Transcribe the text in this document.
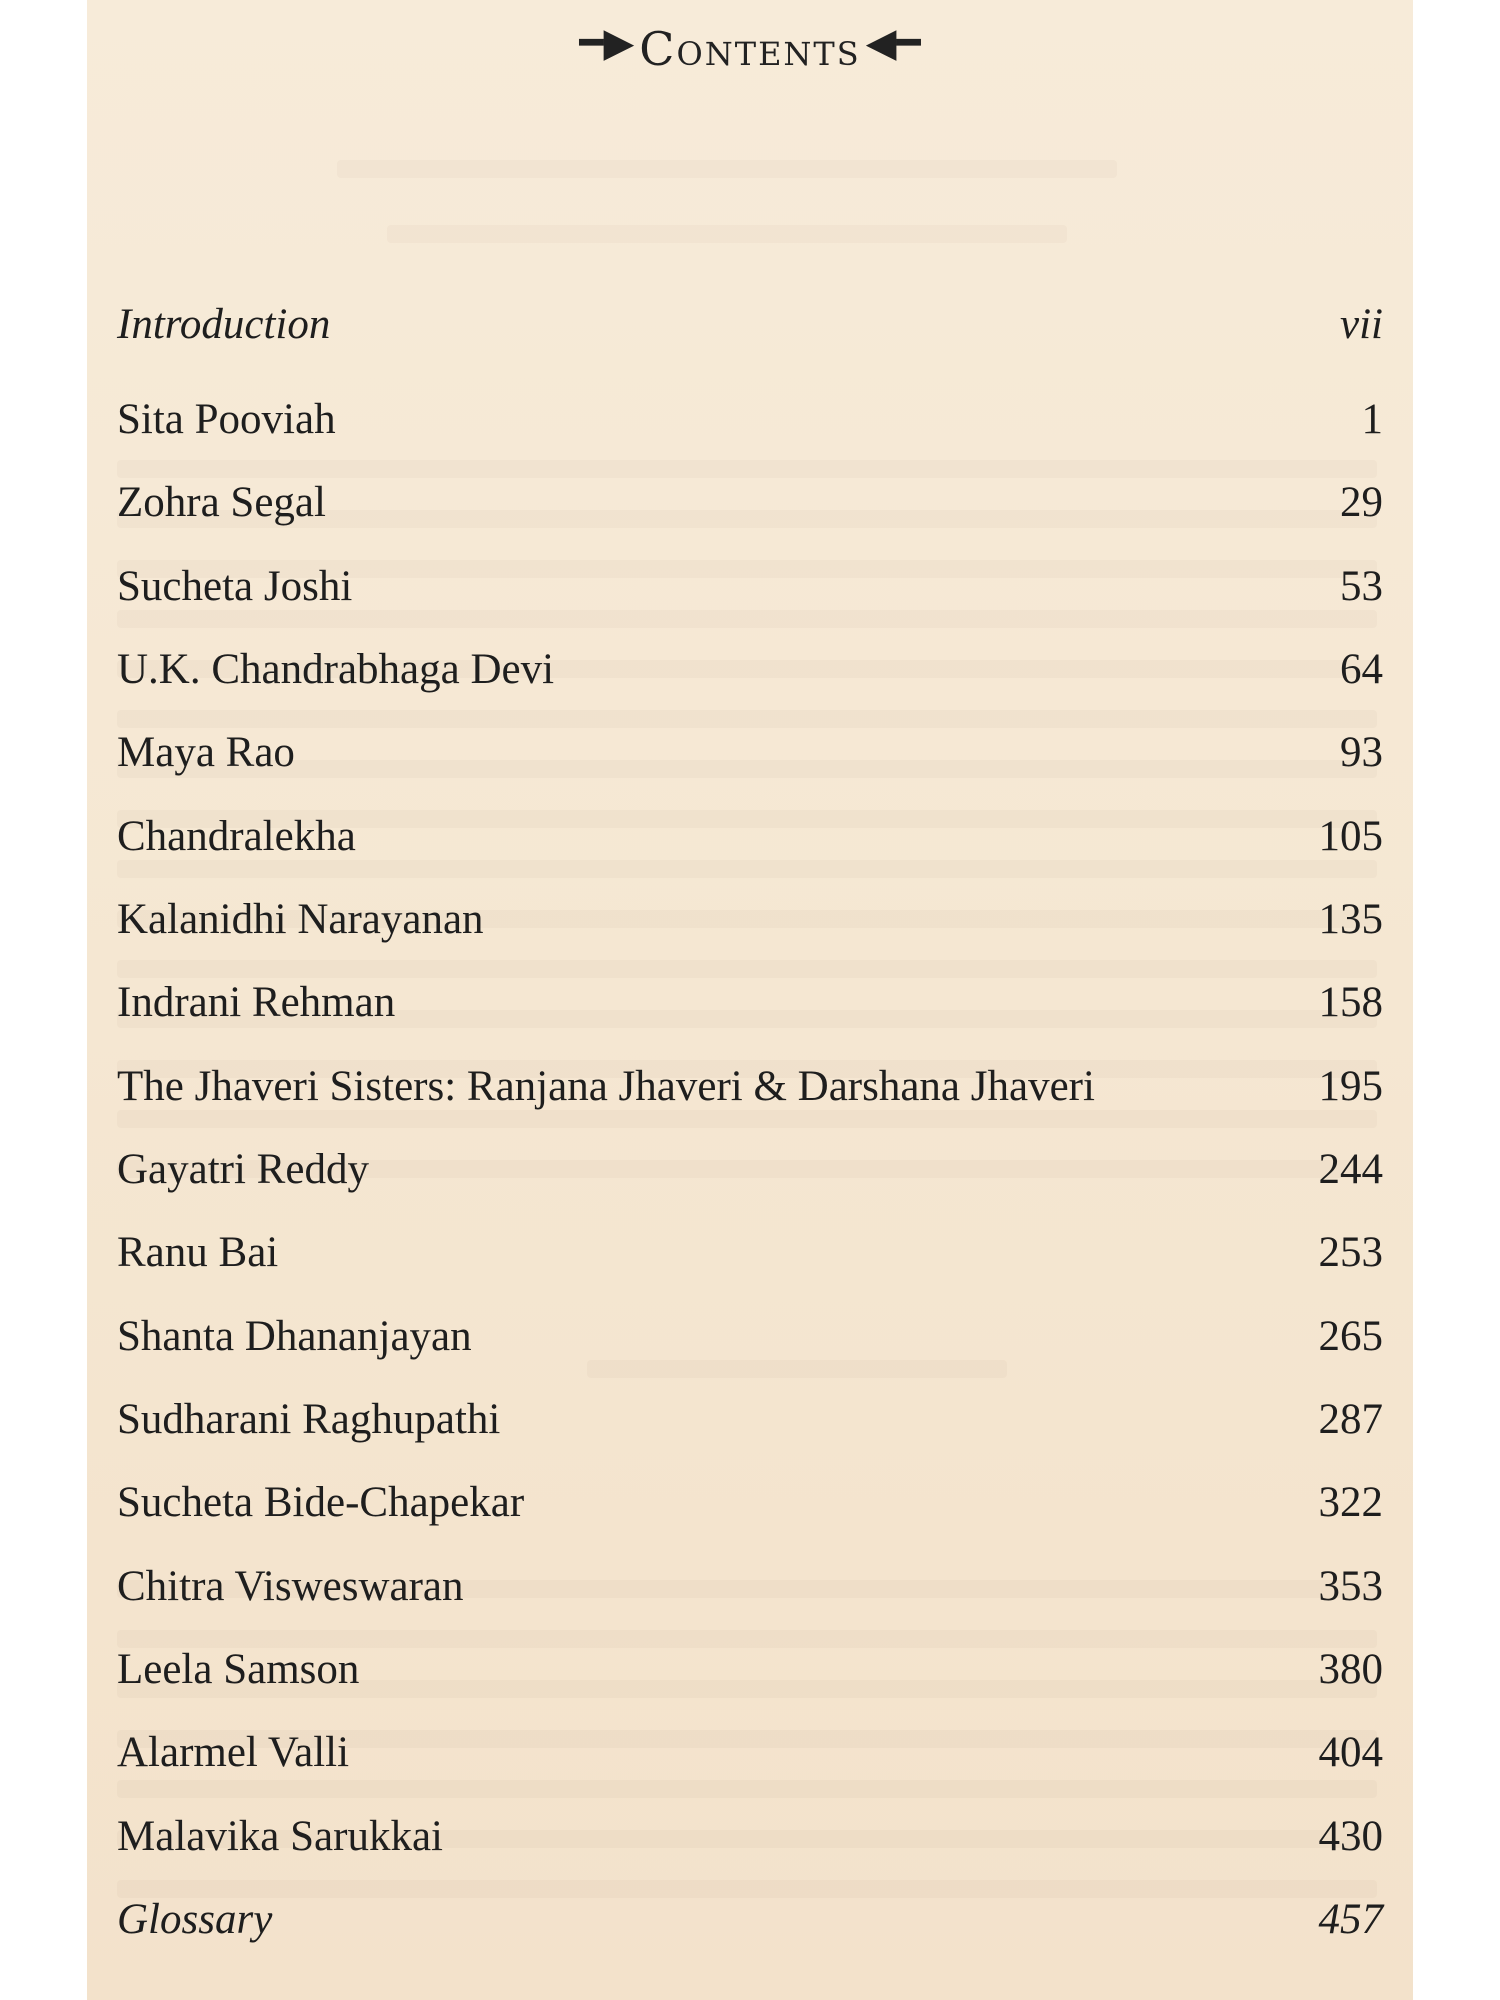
━▶ Contents ◀━
Introduction	vii
Sita Pooviah	1
Zohra Segal	29
Sucheta Joshi	53
U.K. Chandrabhaga Devi	64
Maya Rao	93
Chandralekha	105
Kalanidhi Narayanan	135
Indrani Rehman	158
The Jhaveri Sisters: Ranjana Jhaveri & Darshana Jhaveri	195
Gayatri Reddy	244
Ranu Bai	253
Shanta Dhananjayan	265
Sudharani Raghupathi	287
Sucheta Bide-Chapekar	322
Chitra Visweswaran	353
Leela Samson	380
Alarmel Valli	404
Malavika Sarukkai	430
Glossary	457
